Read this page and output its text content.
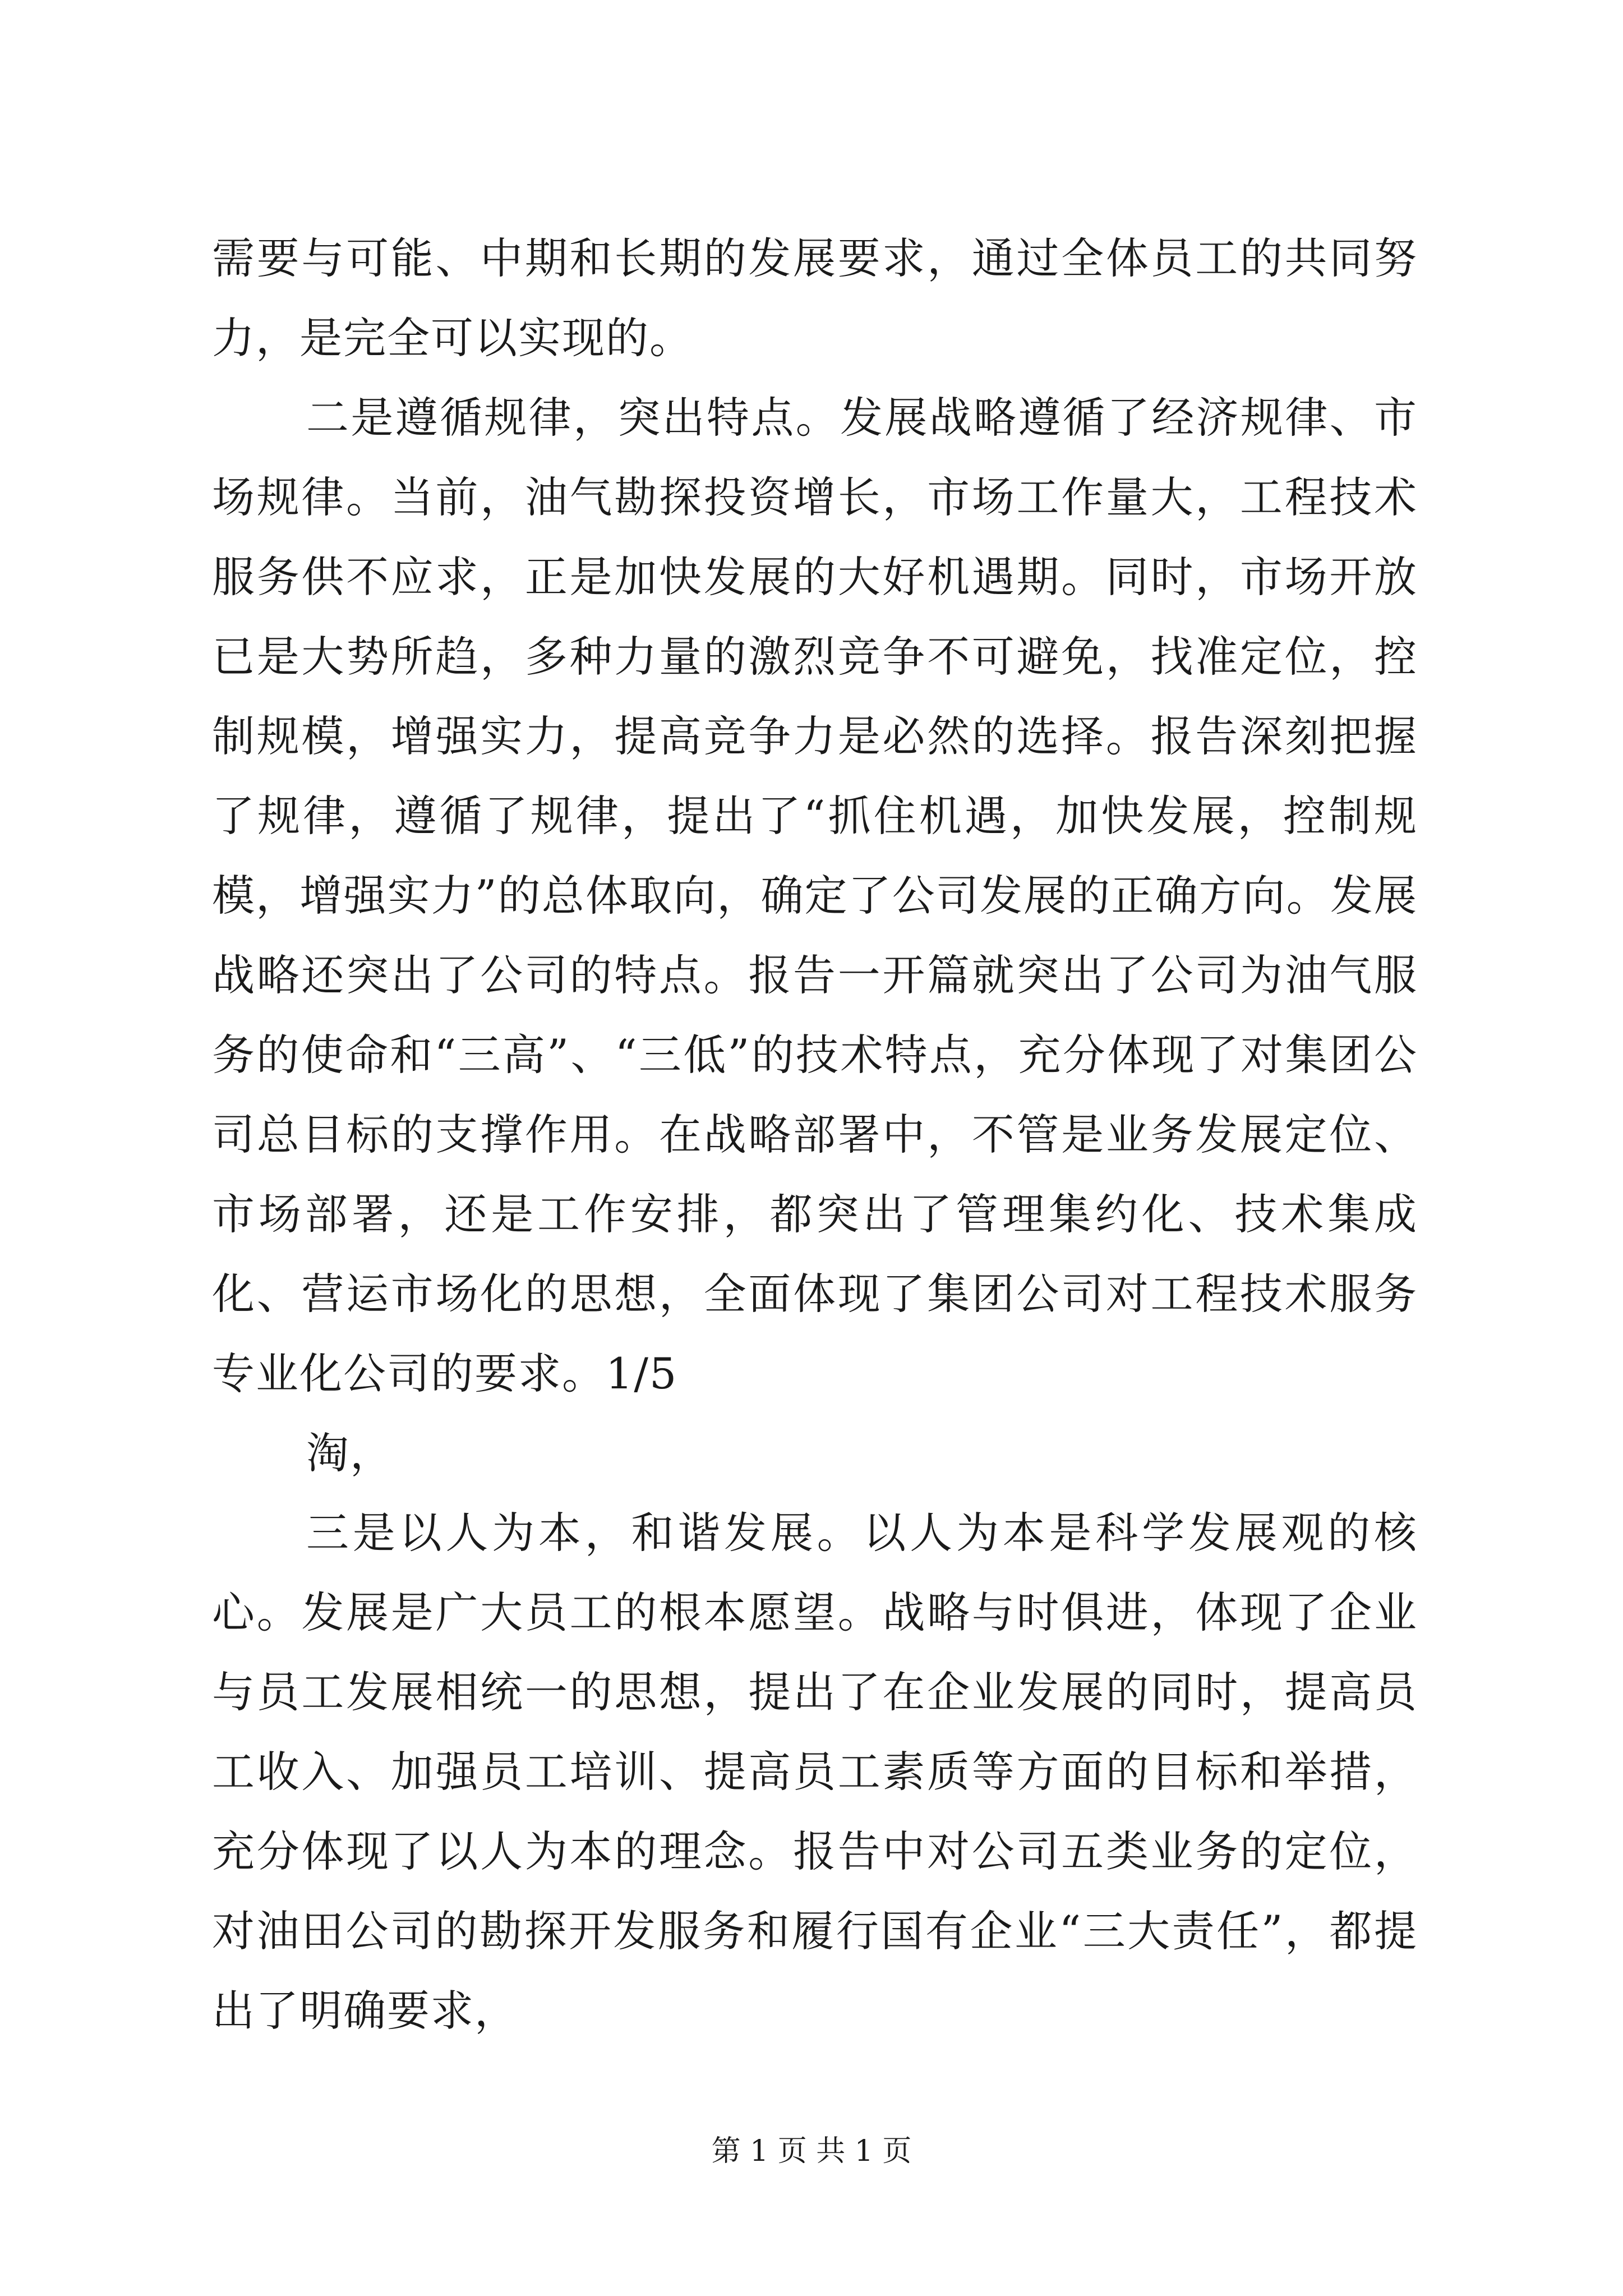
需要与可能、中期和长期的发展要求，通过全体员工的共同努力，是完全可以实现的。

二是遵循规律，突出特点。发展战略遵循了经济规律、市场规律。当前，油气勘探投资增长，市场工作量大，工程技术服务供不应求，正是加快发展的大好机遇期。同时，市场开放已是大势所趋，多种力量的激烈竞争不可避免，找准定位，控制规模，增强实力，提高竞争力是必然的选择。报告深刻把握了规律，遵循了规律，提出了“抓住机遇，加快发展，控制规模，增强实力”的总体取向，确定了公司发展的正确方向。发展战略还突出了公司的特点。报告一开篇就突出了公司为油气服务的使命和“三高”、“三低”的技术特点，充分体现了对集团公司总目标的支撑作用。在战略部署中，不管是业务发展定位、市场部署，还是工作安排，都突出了管理集约化、技术集成化、营运市场化的思想，全面体现了集团公司对工程技术服务专业化公司的要求。1/5

淘，

三是以人为本，和谐发展。以人为本是科学发展观的核心。发展是广大员工的根本愿望。战略与时俱进，体现了企业与员工发展相统一的思想，提出了在企业发展的同时，提高员工收入、加强员工培训、提高员工素质等方面的目标和举措，充分体现了以人为本的理念。报告中对公司五类业务的定位，对油田公司的勘探开发服务和履行国有企业“三大责任”，都提出了明确要求，

第 1 页 共 1 页
